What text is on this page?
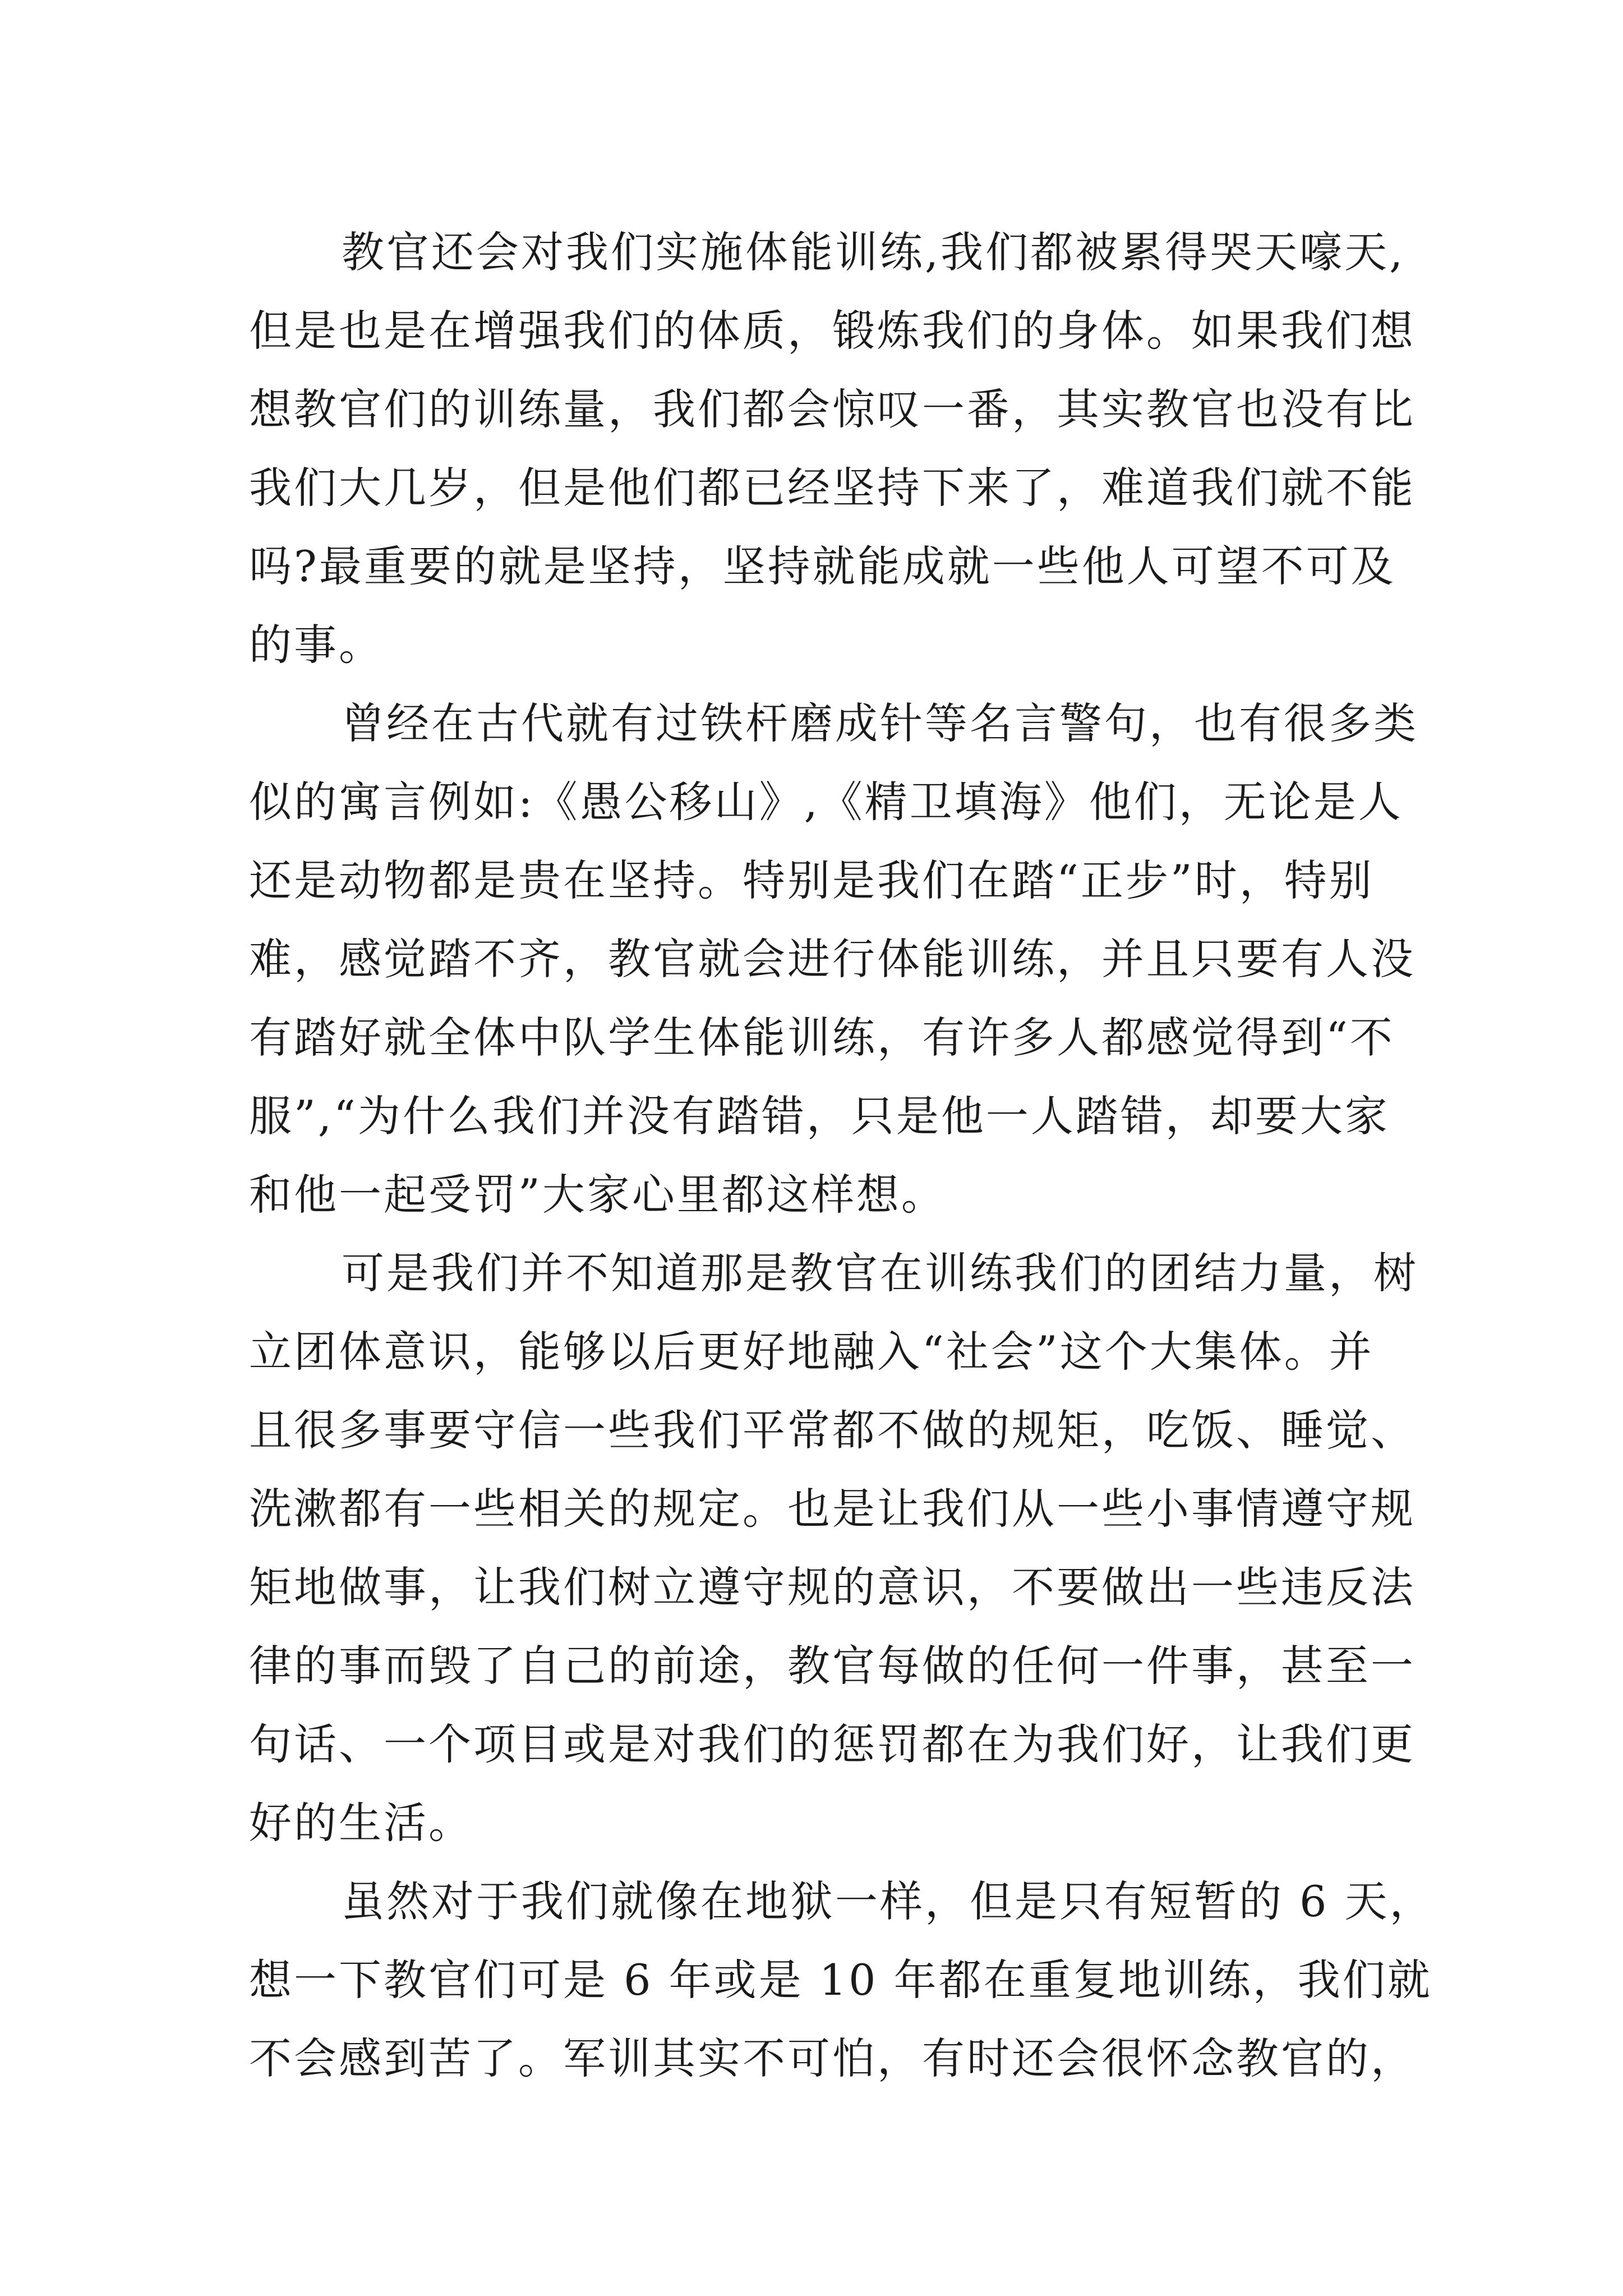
教官还会对我们实施体能训练,我们都被累得哭天嚎天,
但是也是在增强我们的体质，锻炼我们的身体。如果我们想
想教官们的训练量，我们都会惊叹一番，其实教官也没有比
我们大几岁，但是他们都已经坚持下来了，难道我们就不能
吗?最重要的就是坚持，坚持就能成就一些他人可望不可及
的事。
曾经在古代就有过铁杆磨成针等名言警句，也有很多类
似的寓言例如:《愚公移山》,《精卫填海》他们，无论是人
还是动物都是贵在坚持。特别是我们在踏“正步”时，特别
难，感觉踏不齐，教官就会进行体能训练，并且只要有人没
有踏好就全体中队学生体能训练，有许多人都感觉得到“不
服”,“为什么我们并没有踏错，只是他一人踏错，却要大家
和他一起受罚”大家心里都这样想。
可是我们并不知道那是教官在训练我们的团结力量，树
立团体意识，能够以后更好地融入“社会”这个大集体。并
且很多事要守信一些我们平常都不做的规矩，吃饭、睡觉、
洗漱都有一些相关的规定。也是让我们从一些小事情遵守规
矩地做事，让我们树立遵守规的意识，不要做出一些违反法
律的事而毁了自己的前途，教官每做的任何一件事，甚至一
句话、一个项目或是对我们的惩罚都在为我们好，让我们更
好的生活。
虽然对于我们就像在地狱一样，但是只有短暂的 6 天，
想一下教官们可是 6 年或是 10 年都在重复地训练，我们就
不会感到苦了。军训其实不可怕，有时还会很怀念教官的，
